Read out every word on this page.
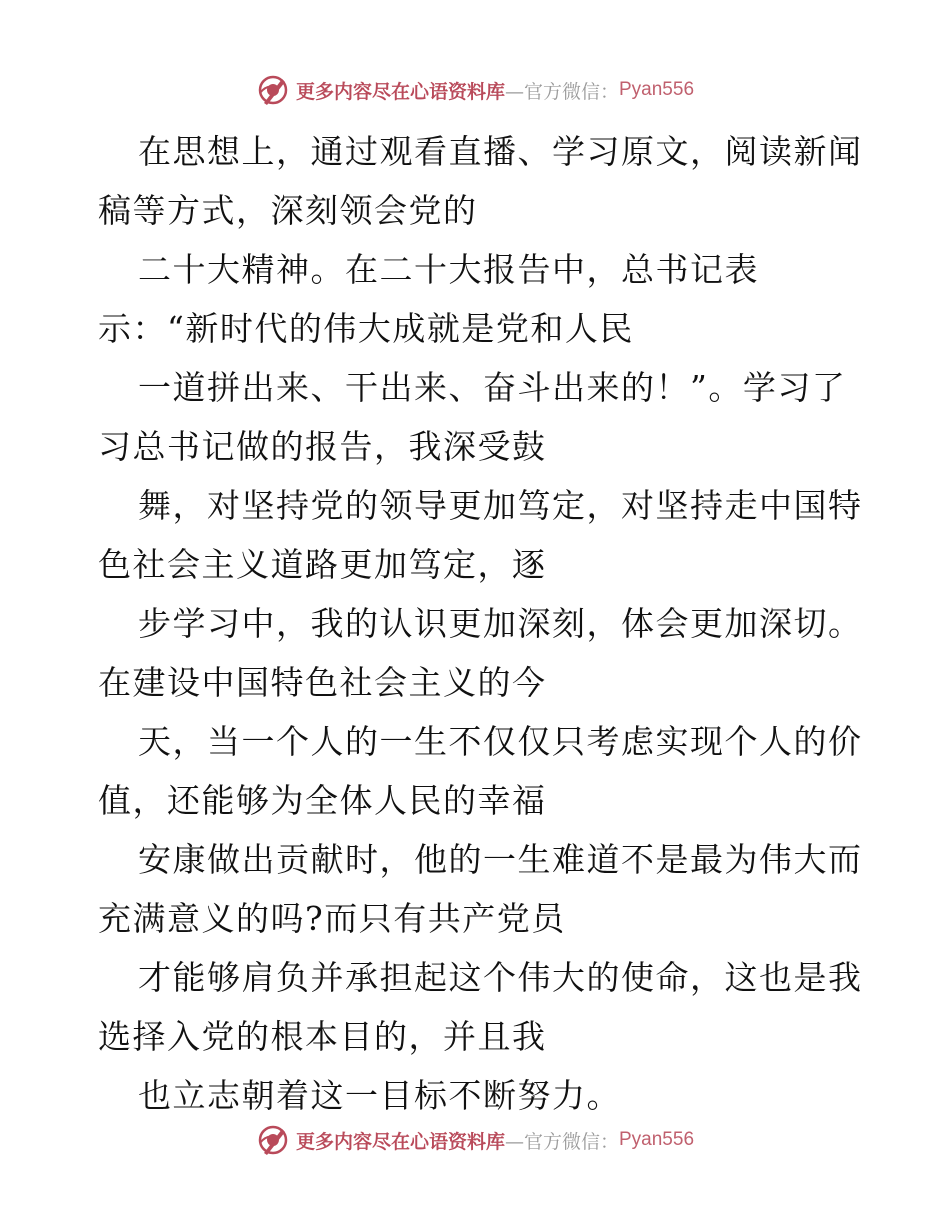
更多内容尽在心语资料库 —官方微信： Pyan556
在思想上，通过观看直播、学习原文，阅读新闻
稿等方式，深刻领会党的
二十大精神。在二十大报告中，总书记表
示：“新时代的伟大成就是党和人民
一道拼出来、干出来、奋斗出来的！”。学习了
习总书记做的报告，我深受鼓
舞，对坚持党的领导更加笃定，对坚持走中国特
色社会主义道路更加笃定，逐
步学习中，我的认识更加深刻，体会更加深切。
在建设中国特色社会主义的今
天，当一个人的一生不仅仅只考虑实现个人的价
值，还能够为全体人民的幸福
安康做出贡献时，他的一生难道不是最为伟大而
充满意义的吗?而只有共产党员
才能够肩负并承担起这个伟大的使命，这也是我
选择入党的根本目的，并且我
也立志朝着这一目标不断努力。
更多内容尽在心语资料库 —官方微信： Pyan556
